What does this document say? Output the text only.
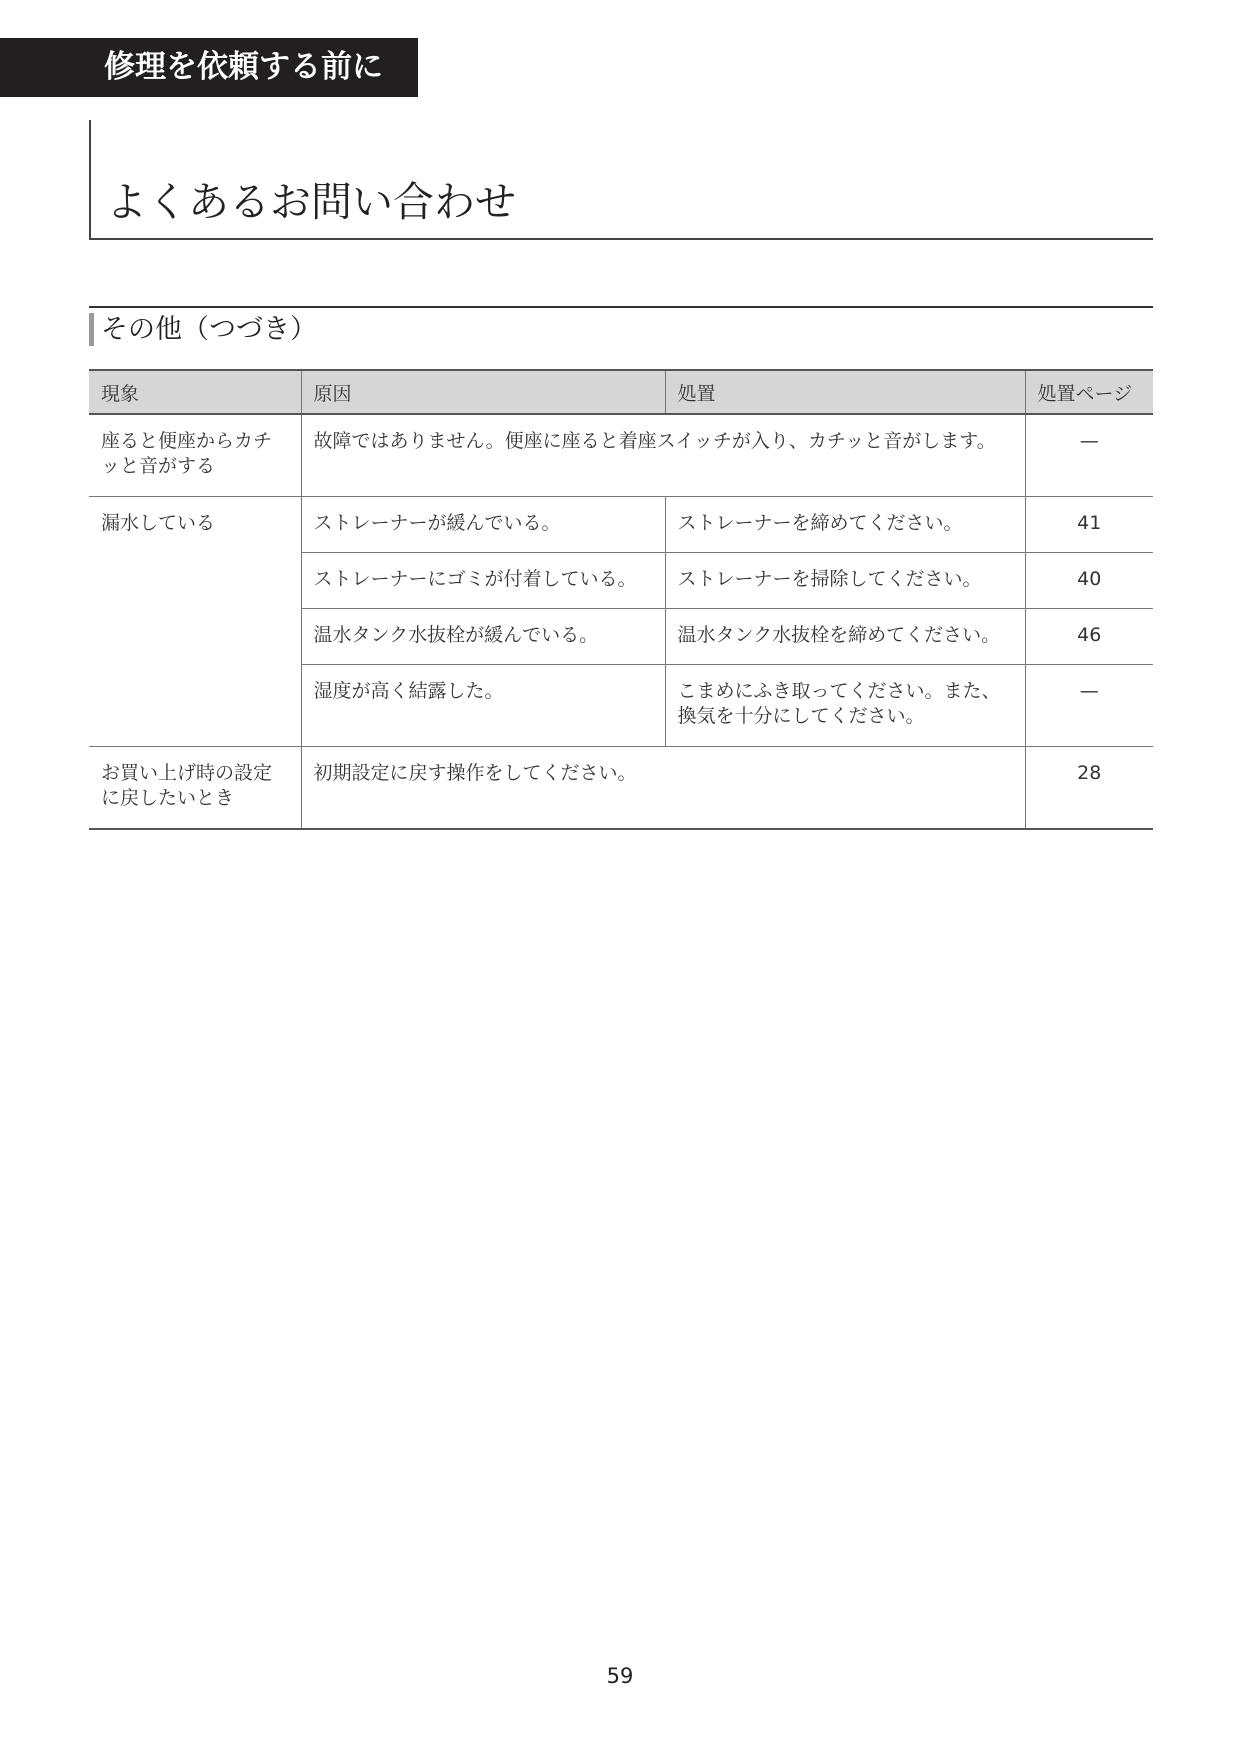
修理を依頼する前に
よくあるお問い合わせ
その他（つづき）
現象	原因	処置	処置ページ
座ると便座からカチッと音がする	故障ではありません。便座に座ると着座スイッチが入り、カチッと音がします。		—
漏水している	ストレーナーが緩んでいる。	ストレーナーを締めてください。	41
	ストレーナーにゴミが付着している。	ストレーナーを掃除してください。	40
	温水タンク水抜栓が緩んでいる。	温水タンク水抜栓を締めてください。	46
	湿度が高く結露した。	こまめにふき取ってください。また、換気を十分にしてください。	—
お買い上げ時の設定に戻したいとき	初期設定に戻す操作をしてください。		28
59
